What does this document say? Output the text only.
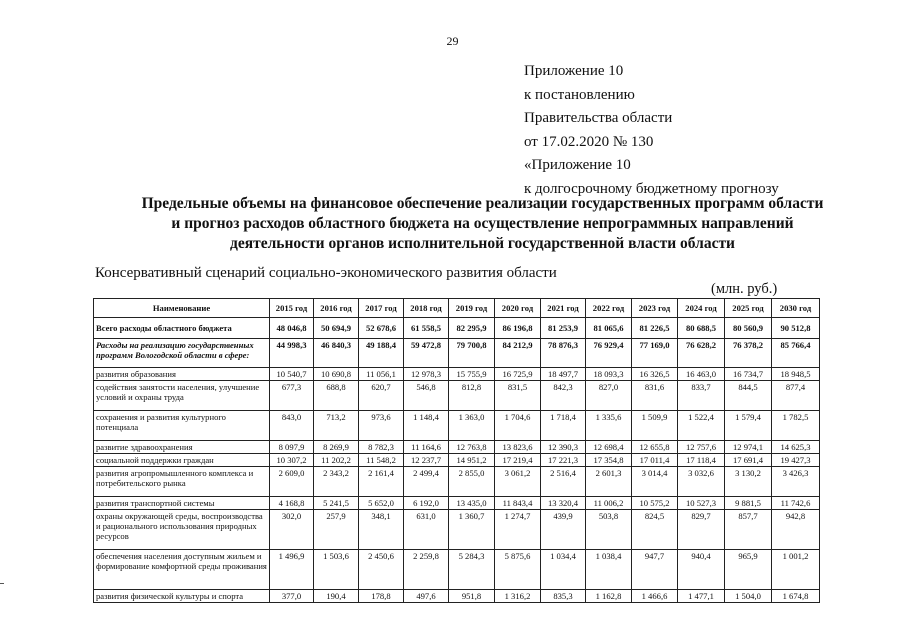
29
Приложение 10
к постановлению
Правительства области
от 17.02.2020 № 130
«Приложение 10
к долгосрочному бюджетному прогнозу
Предельные объемы на финансовое обеспечение реализации государственных программ области
и прогноз расходов областного бюджета на осуществление непрограммных направлений
деятельности органов исполнительной государственной власти области
Консервативный сценарий социально-экономического развития области
(млн. руб.)
Наименование	2015 год	2016 год	2017 год	2018 год	2019 год	2020 год	2021 год	2022 год	2023 год	2024 год	2025 год	2030 год
Всего расходы областного бюджета	48 046,8	50 694,9	52 678,6	61 558,5	82 295,9	86 196,8	81 253,9	81 065,6	81 226,5	80 688,5	80 560,9	90 512,8
Расходы на реализацию государственных программ Вологодской области в сфере:	44 998,3	46 840,3	49 188,4	59 472,8	79 700,8	84 212,9	78 876,3	76 929,4	77 169,0	76 628,2	76 378,2	85 766,4
развития образования	10 540,7	10 690,8	11 056,1	12 978,3	15 755,9	16 725,9	18 497,7	18 093,3	16 326,5	16 463,0	16 734,7	18 948,5
содействия занятости населения, улучшение условий и охраны труда	677,3	688,8	620,7	546,8	812,8	831,5	842,3	827,0	831,6	833,7	844,5	877,4
сохранения и развития культурного потенциала	843,0	713,2	973,6	1 148,4	1 363,0	1 704,6	1 718,4	1 335,6	1 509,9	1 522,4	1 579,4	1 782,5
развитие здравоохранения	8 097,9	8 269,9	8 782,3	11 164,6	12 763,8	13 823,6	12 390,3	12 698,4	12 655,8	12 757,6	12 974,1	14 625,3
социальной поддержки граждан	10 307,2	11 202,2	11 548,2	12 237,7	14 951,2	17 219,4	17 221,3	17 354,8	17 011,4	17 118,4	17 691,4	19 427,3
развития агропромышленного комплекса и потребительского рынка	2 609,0	2 343,2	2 161,4	2 499,4	2 855,0	3 061,2	2 516,4	2 601,3	3 014,4	3 032,6	3 130,2	3 426,3
развития транспортной системы	4 168,8	5 241,5	5 652,0	6 192,0	13 435,0	11 843,4	13 320,4	11 006,2	10 575,2	10 527,3	9 881,5	11 742,6
охраны окружающей среды, воспроизводства и рационального использования природных ресурсов	302,0	257,9	348,1	631,0	1 360,7	1 274,7	439,9	503,8	824,5	829,7	857,7	942,8
обеспечения населения доступным жильем и формирование комфортной среды проживания	1 496,9	1 503,6	2 450,6	2 259,8	5 284,3	5 875,6	1 034,4	1 038,4	947,7	940,4	965,9	1 001,2
развития физической культуры и спорта	377,0	190,4	178,8	497,6	951,8	1 316,2	835,3	1 162,8	1 466,6	1 477,1	1 504,0	1 674,8
